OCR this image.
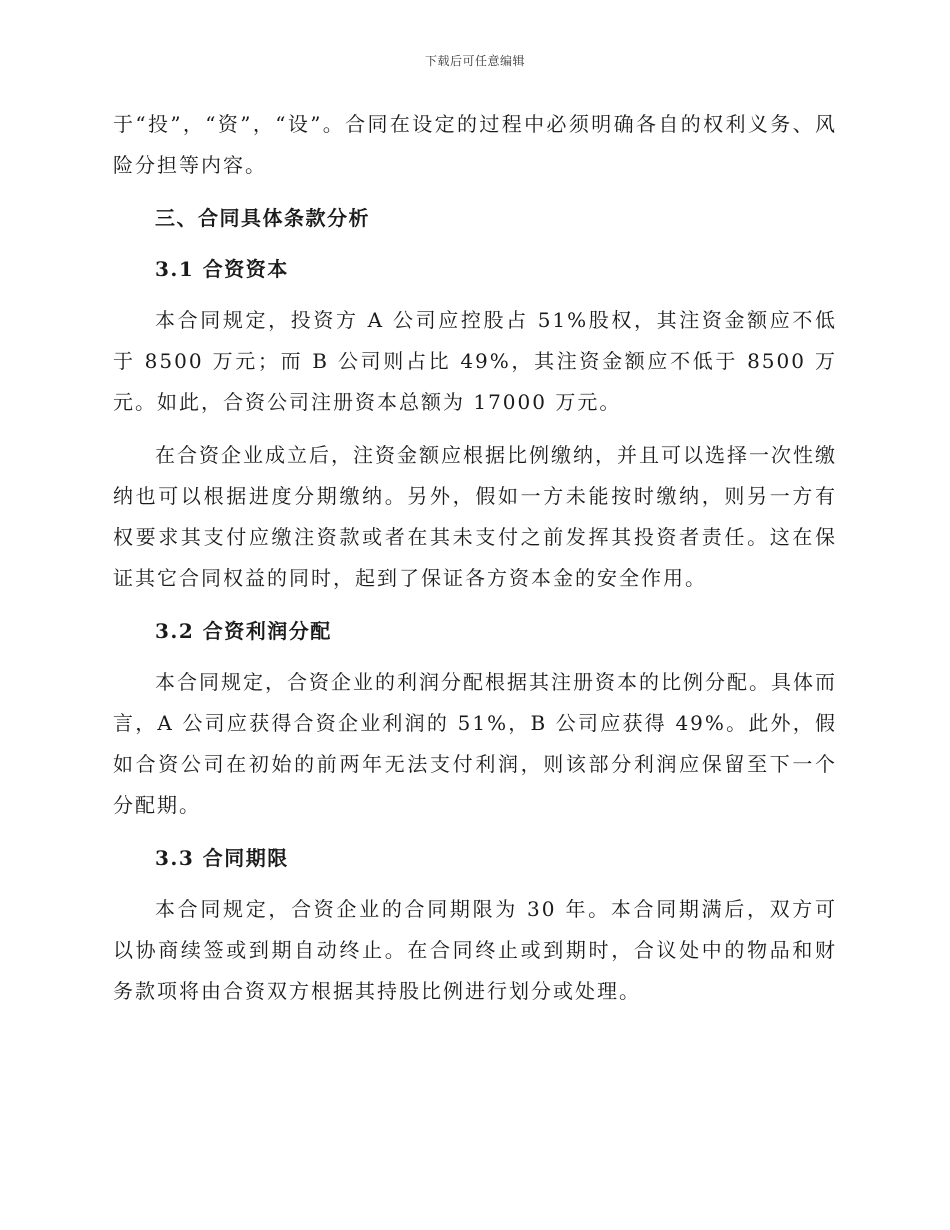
下载后可任意编辑

于“投”，“资”，“设”。合同在设定的过程中必须明确各自的权利义务、风险分担等内容。

三、合同具体条款分析
3.1 合资资本

本合同规定，投资方 A 公司应控股占 51%股权，其注资金额应不低于 8500 万元；而 B 公司则占比 49%，其注资金额应不低于 8500 万元。如此，合资公司注册资本总额为 17000 万元。

在合资企业成立后，注资金额应根据比例缴纳，并且可以选择一次性缴纳也可以根据进度分期缴纳。另外，假如一方未能按时缴纳，则另一方有权要求其支付应缴注资款或者在其未支付之前发挥其投资者责任。这在保证其它合同权益的同时，起到了保证各方资本金的安全作用。

3.2 合资利润分配

本合同规定，合资企业的利润分配根据其注册资本的比例分配。具体而言，A 公司应获得合资企业利润的 51%，B 公司应获得 49%。此外，假如合资公司在初始的前两年无法支付利润，则该部分利润应保留至下一个分配期。

3.3 合同期限

本合同规定，合资企业的合同期限为 30 年。本合同期满后，双方可以协商续签或到期自动终止。在合同终止或到期时，合议处中的物品和财务款项将由合资双方根据其持股比例进行划分或处理。
